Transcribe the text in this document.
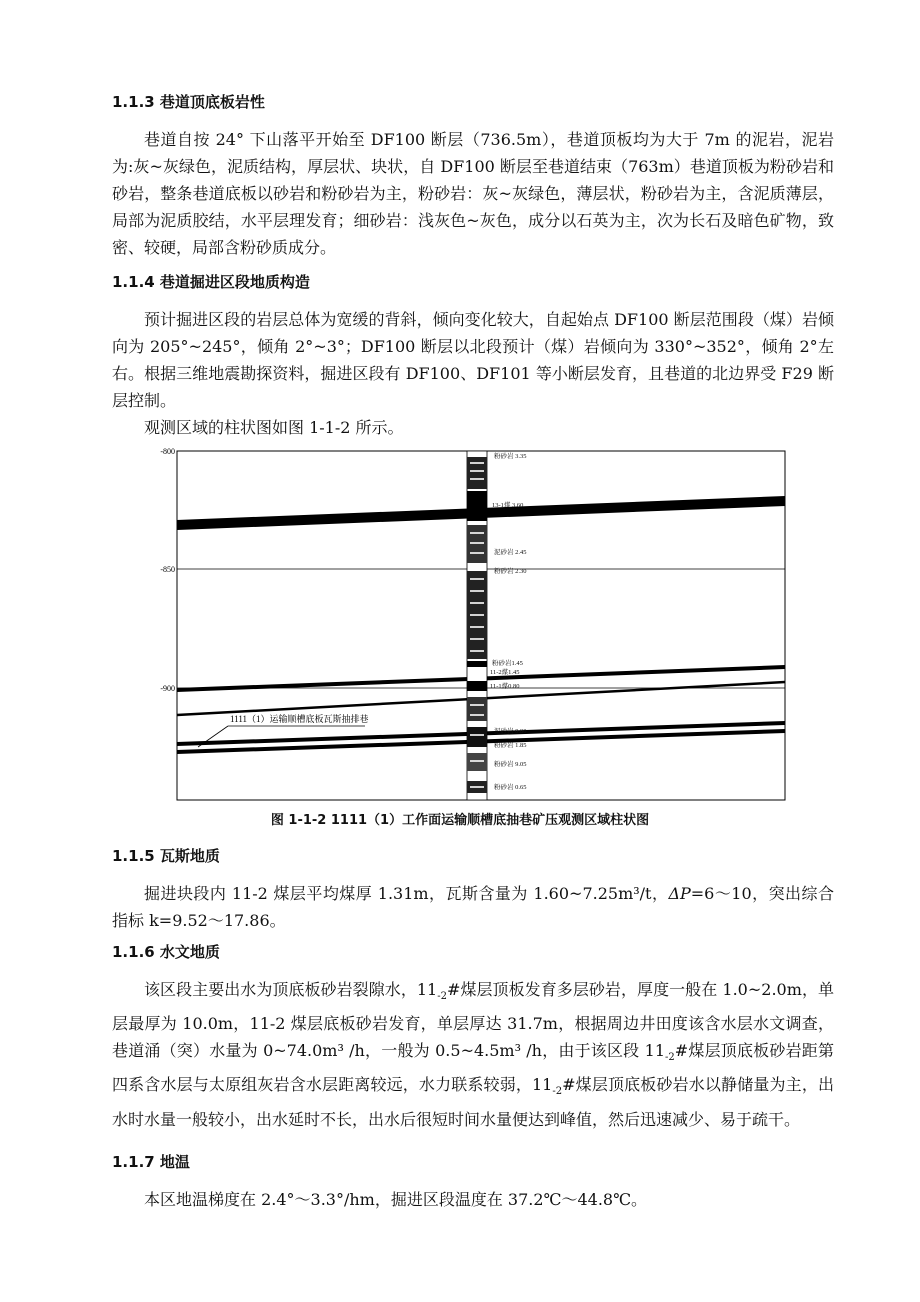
1.1.3 巷道顶底板岩性
巷道自按 24° 下山落平开始至 DF100 断层（736.5m），巷道顶板均为大于 7m 的泥岩，泥岩为:灰~灰绿色，泥质结构，厚层状、块状，自 DF100 断层至巷道结束（763m）巷道顶板为粉砂岩和砂岩，整条巷道底板以砂岩和粉砂岩为主，粉砂岩：灰~灰绿色，薄层状，粉砂岩为主，含泥质薄层，局部为泥质胶结，水平层理发育；细砂岩：浅灰色~灰色，成分以石英为主，次为长石及暗色矿物，致密、较硬，局部含粉砂质成分。
1.1.4 巷道掘进区段地质构造
预计掘进区段的岩层总体为宽缓的背斜，倾向变化较大，自起始点 DF100 断层范围段（煤）岩倾向为 205°~245°，倾角 2°~3°；DF100 断层以北段预计（煤）岩倾向为 330°~352°，倾角 2°左右。根据三维地震勘探资料，掘进区段有 DF100、DF101 等小断层发育，且巷道的北边界受 F29 断层控制。
观测区域的柱状图如图 1-1-2 所示。
-800
-850
-900
1111（1）运输顺槽底板瓦斯抽排巷
粉砂岩 3.35
13-1煤 3.60
泥砂岩 2.45
粉砂岩 2.30
粉砂岩1.45
11-2煤1.45
11-1煤0.80
泥砂岩 0.80
粉砂岩 1.85
粉砂岩 9.05
粉砂岩 0.65
图 1-1-2 1111（1）工作面运输顺槽底抽巷矿压观测区域柱状图
1.1.5 瓦斯地质
掘进块段内 11-2 煤层平均煤厚 1.31m，瓦斯含量为 1.60~7.25m³/t，ΔP=6～10，突出综合指标 k=9.52～17.86。
1.1.6 水文地质
该区段主要出水为顶底板砂岩裂隙水，$11_{-2}\#$煤层顶板发育多层砂岩，厚度一般在 1.0~2.0m，单层最厚为 10.0m，11-2 煤层底板砂岩发育，单层厚达 31.7m，根据周边井田度该含水层水文调查，巷道涌（突）水量为 0~74.0m³ /h，一般为 0.5~4.5m³ /h，由于该区段 $11_{-2}\#$煤层顶底板砂岩距第四系含水层与太原组灰岩含水层距离较远，水力联系较弱，$11_{-2}\#$煤层顶底板砂岩水以静储量为主，出水时水量一般较小，出水延时不长，出水后很短时间水量便达到峰值，然后迅速减少、易于疏干。
1.1.7 地温
本区地温梯度在 2.4°～3.3°/hm，掘进区段温度在 37.2℃～44.8℃。
